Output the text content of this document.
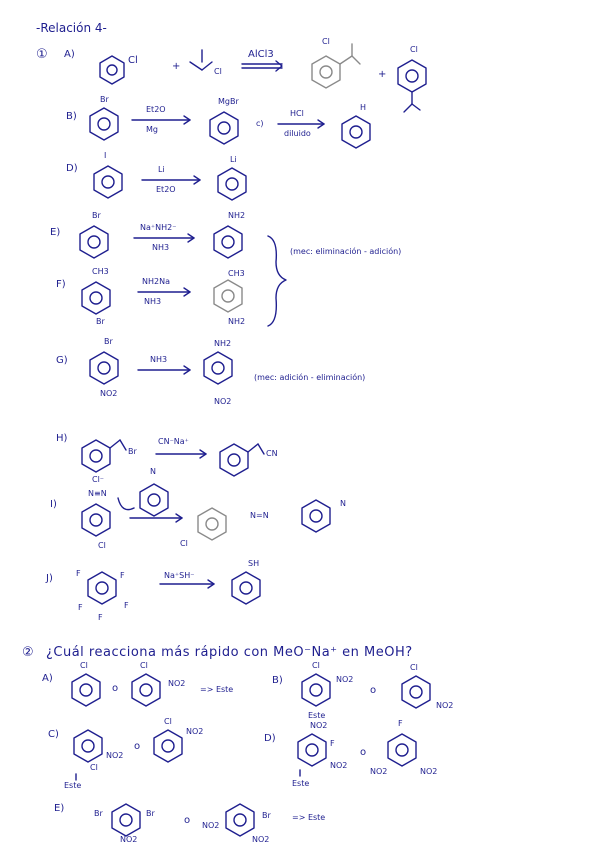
-Relación 4-
① A)
Cl
+	Cl
AlCl3
Cl
+
Cl
B)
Br
Et2O
Mg
MgBr
c)
HCl
diluido
H
D)
I
Li
Et2O
Li
E)
Br
Na⁺NH2⁻
NH3
NH2
F)
CH3
Br
NH2Na
NH3
CH3
NH2
(mec: eliminación - adición)
G)
Br
NO2
NH3
NH2
NO2
(mec: adición - eliminación)
H)
Br
CN⁻Na⁺
CN
I)
Cl⁻
N≡N
Cl
N
Cl
N=N
N
J)	F	F
F
F
F
Na⁺SH⁻
SH
② ¿Cuál reacciona más rápido con MeO⁻Na⁺ en MeOH?
A)
Cl
o
Cl
NO2
=> Este
B)
Cl
NO2
Este
o
Cl
NO2
C)
NO2
Cl
Este
o
Cl
NO2
D)
NO2
F
NO2
Este
o
F
NO2	NO2
E)	Br	Br
NO2
o NO2
Br
NO2
=> Este
